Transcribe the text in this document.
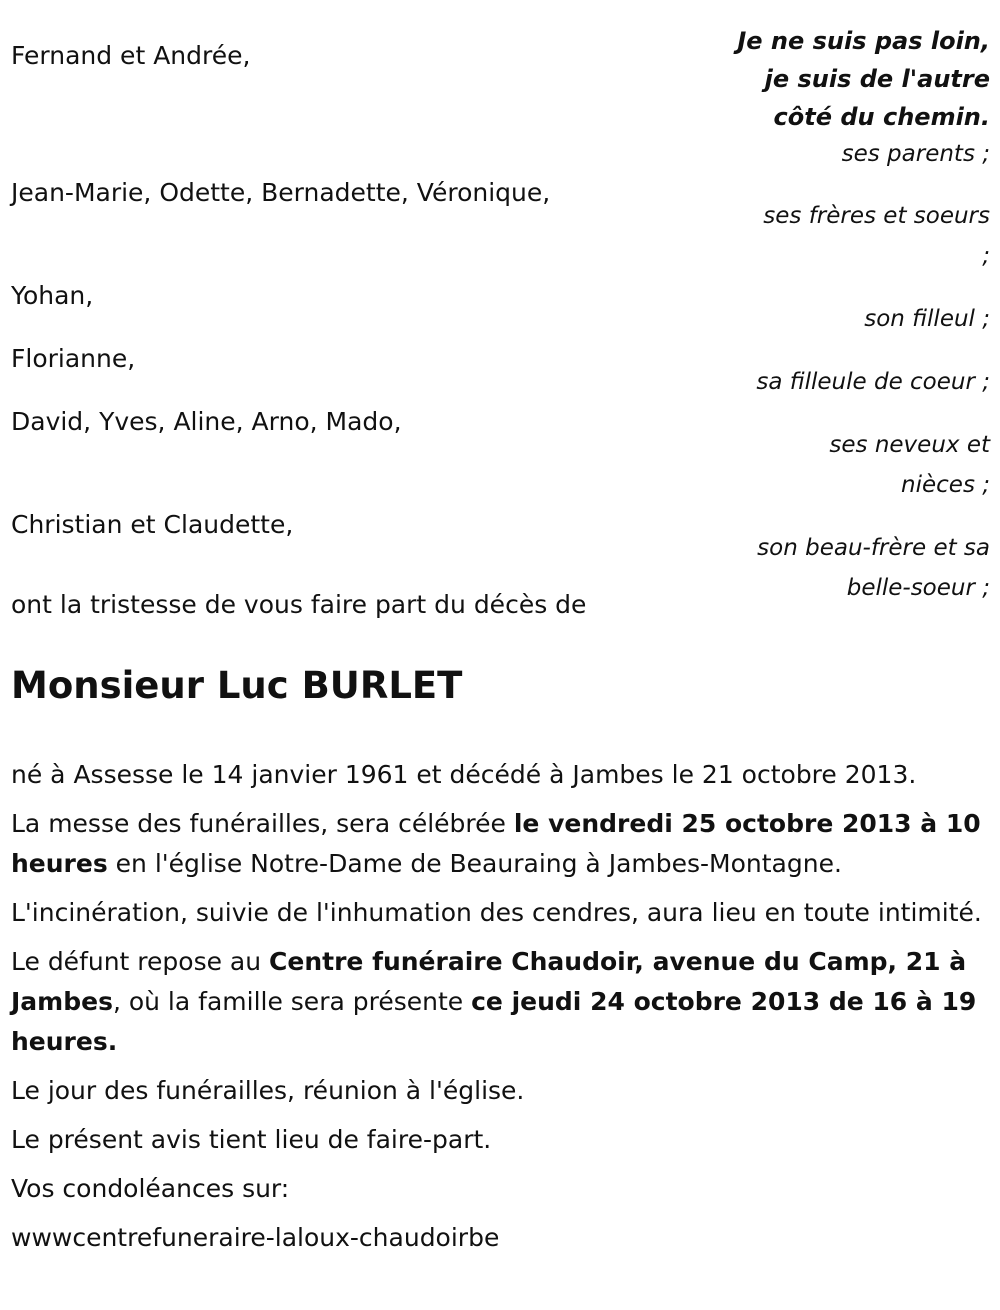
Je ne suis pas loin,
je suis de l'autre
côté du chemin.
Fernand et Andrée,
Jean-Marie, Odette, Bernadette, Véronique,
Yohan,
Florianne,
David, Yves, Aline, Arno, Mado,
Christian et Claudette,
ses parents ;
ses frères et soeurs
;
son filleul ;
sa filleule de coeur ;
ses neveux et
nièces ;
son beau-frère et sa
belle-soeur ;
ont la tristesse de vous faire part du décès de
Monsieur Luc BURLET

né à Assesse le 14 janvier 1961 et décédé à Jambes le 21 octobre 2013.

La messe des funérailles, sera célébrée le vendredi 25 octobre 2013 à 10 heures en l'église Notre-Dame de Beauraing à Jambes-Montagne.

L'incinération, suivie de l'inhumation des cendres, aura lieu en toute intimité.

Le défunt repose au Centre funéraire Chaudoir, avenue du Camp, 21 à Jambes, où la famille sera présente ce jeudi 24 octobre 2013 de 16 à 19 heures.

Le jour des funérailles, réunion à l'église.

Le présent avis tient lieu de faire-part.

Vos condoléances sur:

wwwcentrefuneraire-laloux-chaudoirbe
